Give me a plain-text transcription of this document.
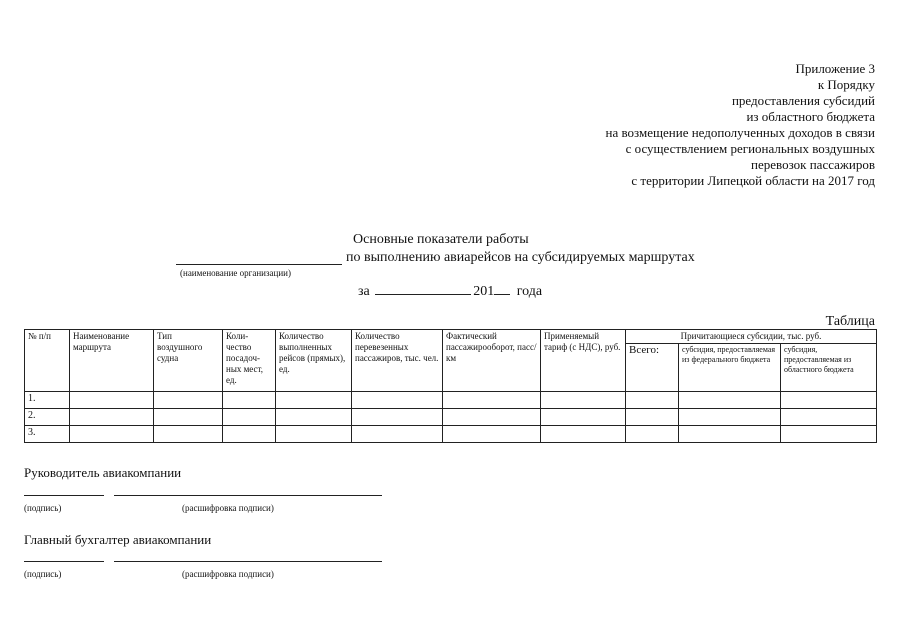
Приложение 3
к Порядку
предоставления субсидий
из областного бюджета
на возмещение недополученных доходов в связи
с осуществлением региональных воздушных
перевозок пассажиров
с территории Липецкой области на 2017 год
Основные показатели работы
по выполнению авиарейсов на субсидируемых маршрутах
(наименование организации)
за	201 года
Таблица
№ п/п	Наименование маршрута	Тип воздушного судна	Коли-чество посадоч-ных мест, ед.	Количество выполненных рейсов (прямых), ед.	Количество перевезенных пассажиров, тыс. чел.	Фактический пассажирооборот, пасс/км	Применяемый тариф (с НДС), руб.	Причитающиеся субсидии, тыс. руб.		
								Всего:	субсидия, предоставляемая из федерального бюджета	субсидия, предоставляемая из областного бюджета
1.										
2.										
3.										
Руководитель авиакомпании
(подпись)	(расшифровка подписи)
Главный бухгалтер авиакомпании
(подпись)	(расшифровка подписи)
